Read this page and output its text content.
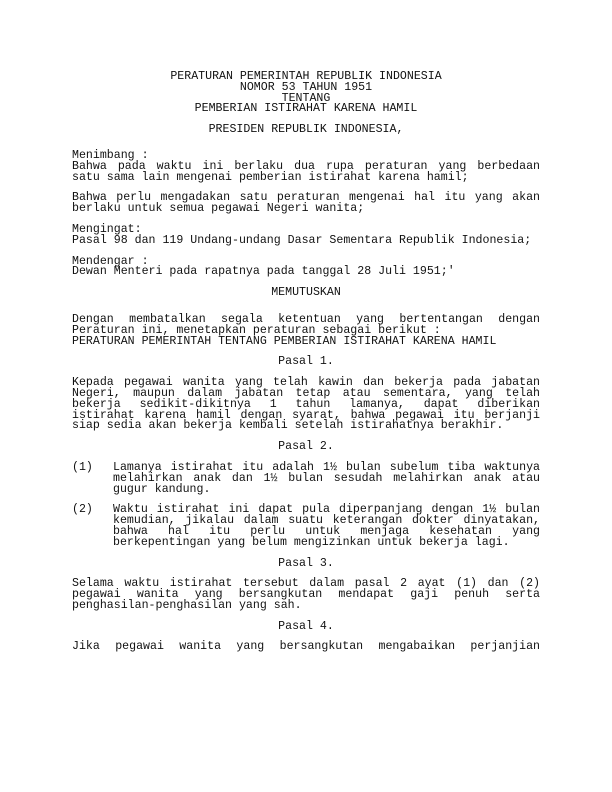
PERATURAN PEMERINTAH REPUBLIK INDONESIA
NOMOR 53 TAHUN 1951
TENTANG
PEMBERIAN ISTIRAHAT KARENA HAMIL
PRESIDEN REPUBLIK INDONESIA,
Menimbang :
Bahwa pada waktu ini berlaku dua rupa peraturan yang berbedaan
satu sama lain mengenai pemberian istirahat karena hamil;
Bahwa perlu mengadakan satu peraturan mengenai hal itu yang akan
berlaku untuk semua pegawai Negeri wanita;
Mengingat:
Pasal 98 dan 119 Undang-undang Dasar Sementara Republik Indonesia;
Mendengar :
Dewan Menteri pada rapatnya pada tanggal 28 Juli 1951;'
MEMUTUSKAN
Dengan membatalkan segala ketentuan yang bertentangan dengan
Peraturan ini, menetapkan peraturan sebagai berikut :
PERATURAN PEMERINTAH TENTANG PEMBERIAN ISTIRAHAT KARENA HAMIL
Pasal 1.
Kepada pegawai wanita yang telah kawin dan bekerja pada jabatan
Negeri, maupun dalam jabatan tetap atau sementara, yang telah
bekerja sedikit-dikitnya 1 tahun lamanya, dapat diberikan
istirahat karena hamil dengan syarat, bahwa pegawai itu berjanji
siap sedia akan bekerja kembali setelah istirahatnya berakhir.
Pasal 2.
(1)	Lamanya istirahat itu adalah 1½ bulan subelum tiba waktunya
melahirkan anak dan 1½ bulan sesudah melahirkan anak atau
gugur kandung.
(2)	Waktu istirahat ini dapat pula diperpanjang dengan 1½ bulan
kemudian, jikalau dalam suatu keterangan dokter dinyatakan,
bahwa hal itu perlu untuk menjaga kesehatan yang
berkepentingan yang belum mengizinkan untuk bekerja lagi.
Pasal 3.
Selama waktu istirahat tersebut dalam pasal 2 ayat (1) dan (2)
pegawai wanita yang bersangkutan mendapat gaji penuh serta
penghasilan-penghasilan yang sah.
Pasal 4.
Jika pegawai wanita yang bersangkutan mengabaikan perjanjian
